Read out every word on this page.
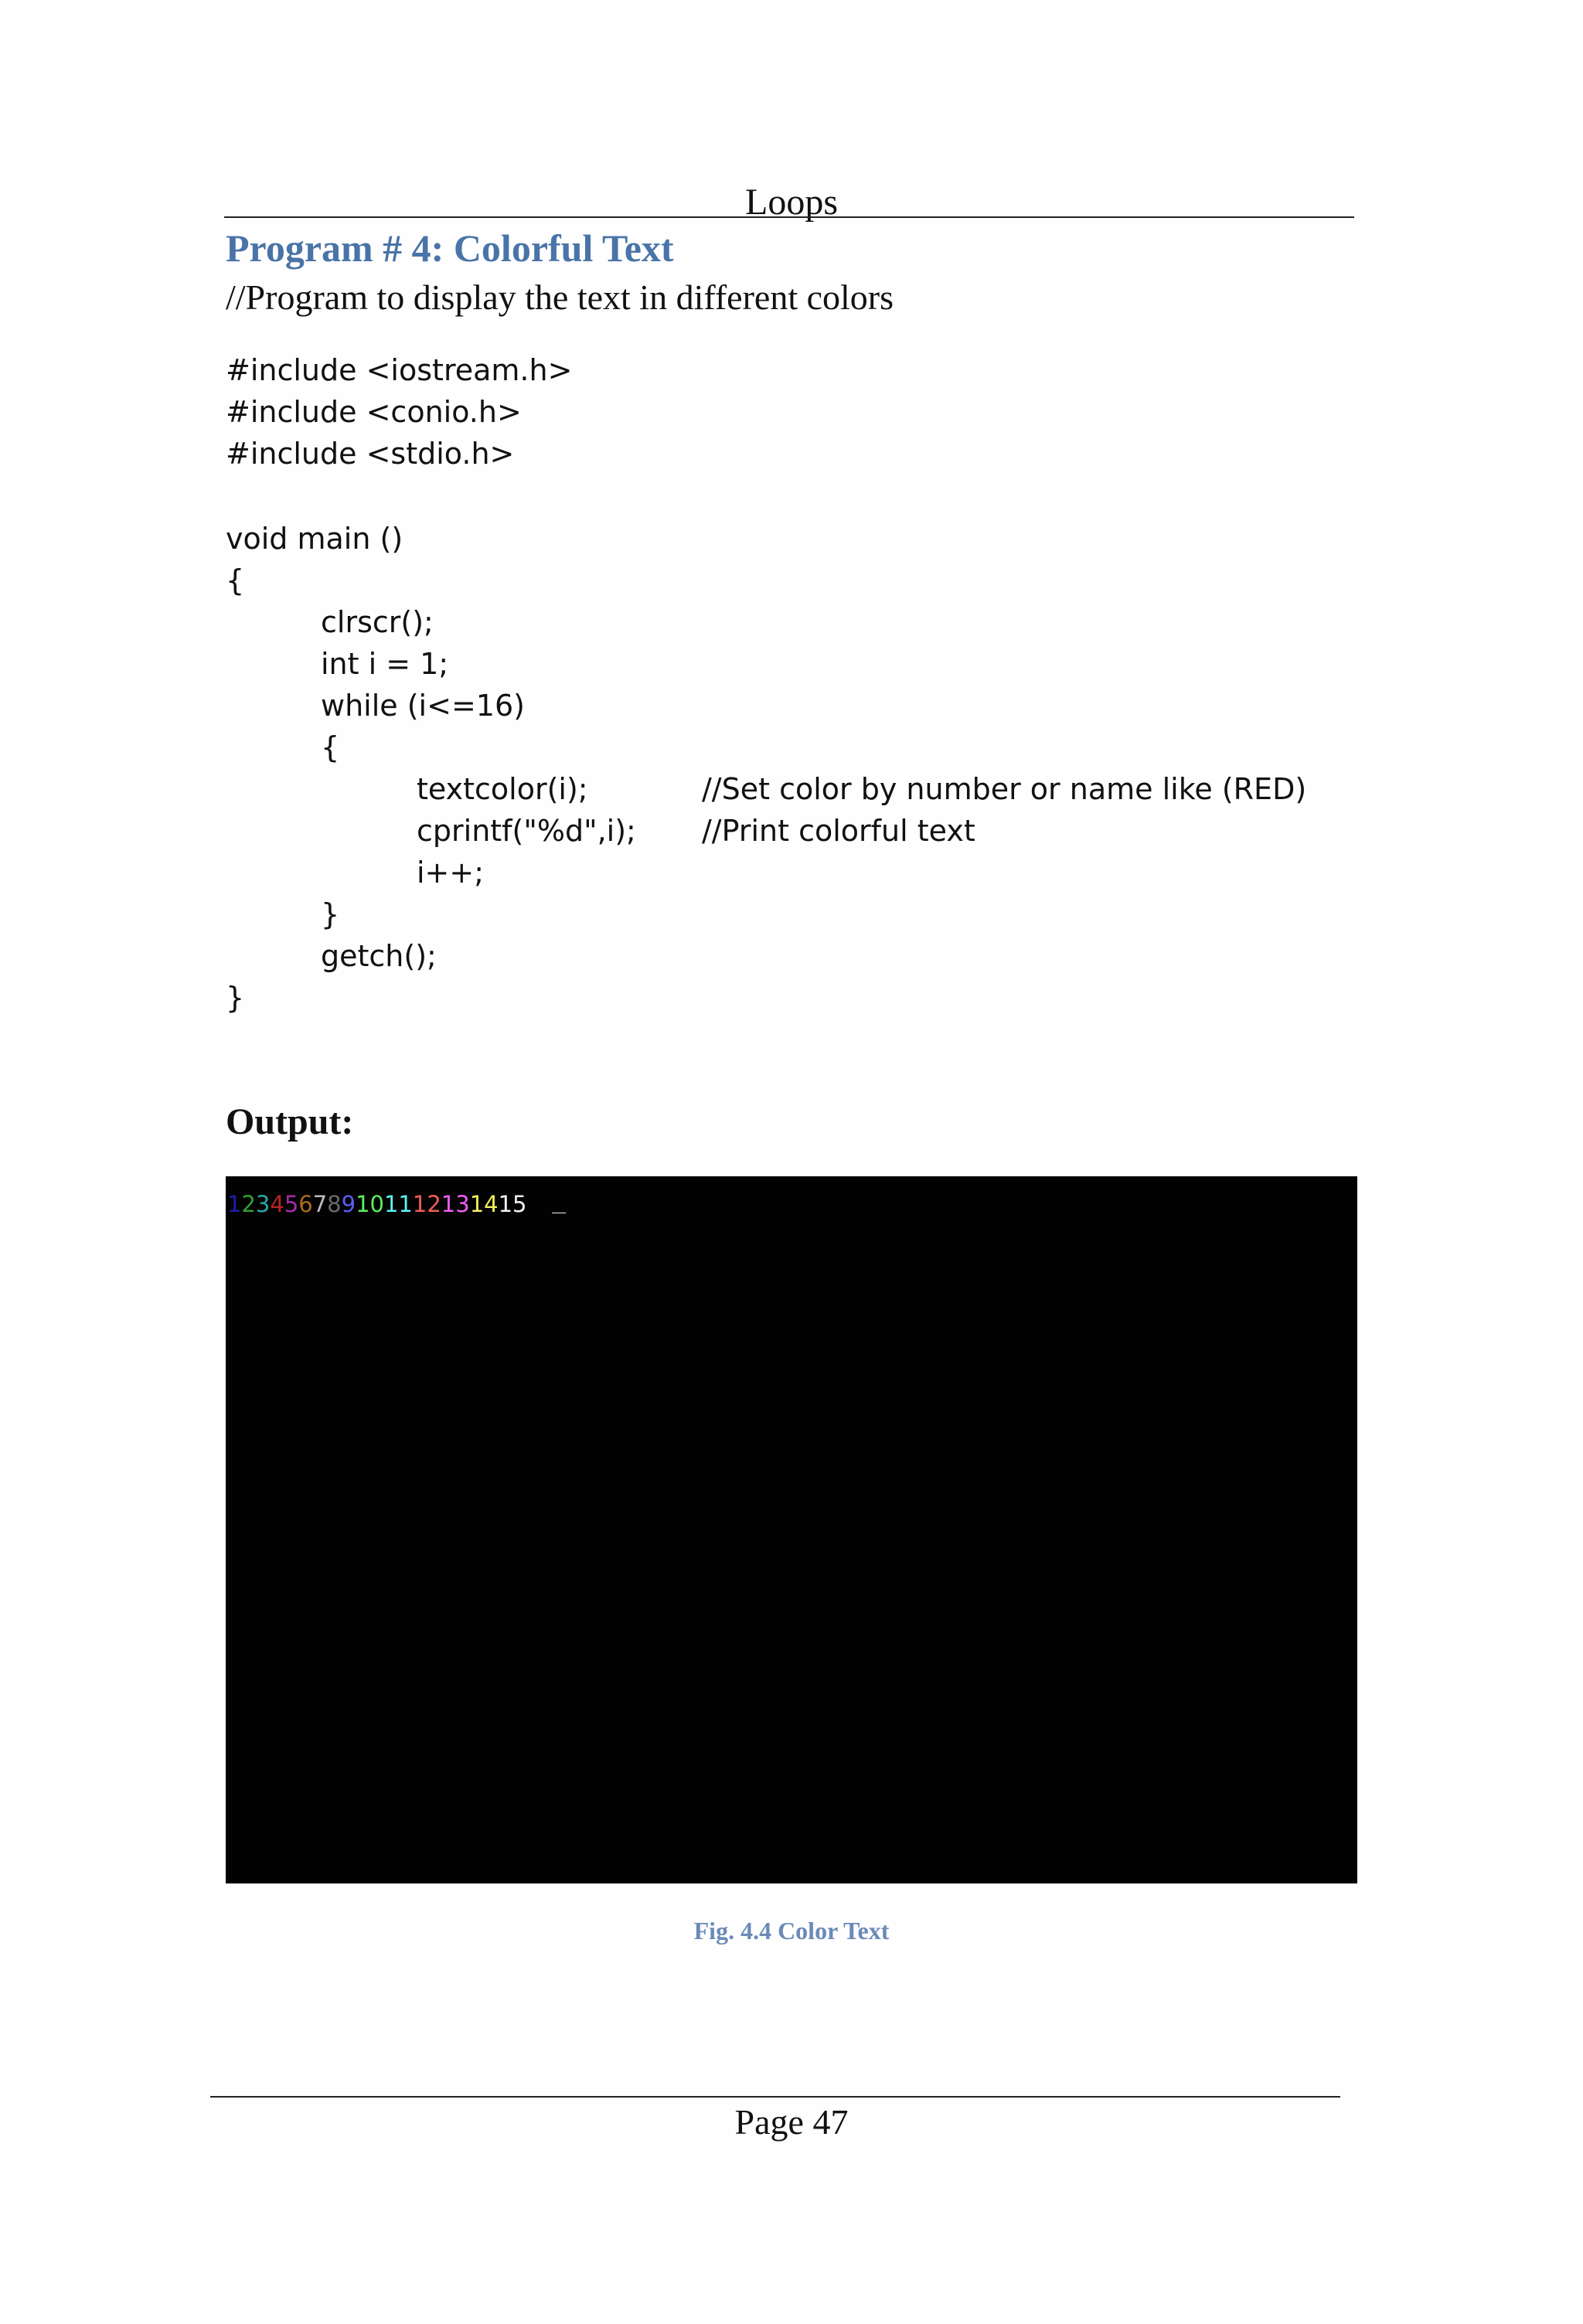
Loops
Program # 4: Colorful Text
//Program to display the text in different colors
#include <iostream.h>
#include <conio.h>
#include <stdio.h>
void main ()
{
clrscr();
int i = 1;
while (i<=16)
{
textcolor(i);	//Set color by number or name like (RED)
cprintf("%d",i); //Print colorful text
i++;
}
getch();
}
Output:
123456789101112131415 _
Fig. 4.4 Color Text
Page 47
